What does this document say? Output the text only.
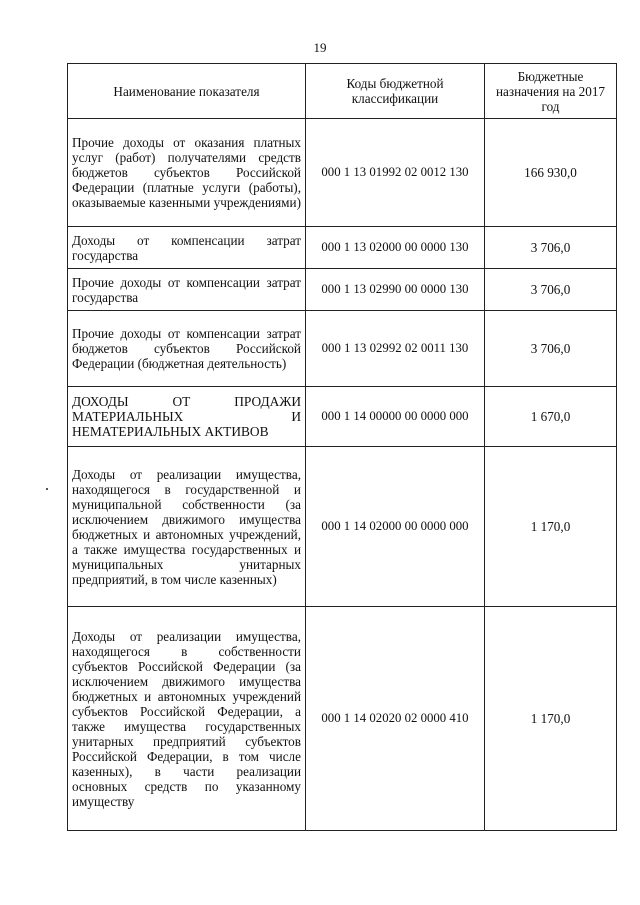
19
Наименование показателя	Коды бюджетной классификации	Бюджетные назначения на 2017 год
Прочие доходы от оказания платных услуг (работ) получателями средств бюджетов субъектов Российской Федерации (платные услуги (работы), оказываемые казенными учреждениями)	000 1 13 01992 02 0012 130	166 930,0
Доходы от компенсации затрат государства	000 1 13 02000 00 0000 130	3 706,0
Прочие доходы от компенсации затрат государства	000 1 13 02990 00 0000 130	3 706,0
Прочие доходы от компенсации затрат бюджетов субъектов Российской Федерации (бюджетная деятельность)	000 1 13 02992 02 0011 130	3 706,0
ДОХОДЫ ОТ ПРОДАЖИ МАТЕРИАЛЬНЫХ И НЕМАТЕРИАЛЬНЫХ АКТИВОВ	000 1 14 00000 00 0000 000	1 670,0
Доходы от реализации имущества, находящегося в государственной и муниципальной собственности (за исключением движимого имущества бюджетных и автономных учреждений, а также имущества государственных и муниципальных унитарных предприятий, в том числе казенных)	000 1 14 02000 00 0000 000	1 170,0
Доходы от реализации имущества, находящегося в собственности субъектов Российской Федерации (за исключением движимого имущества бюджетных и автономных учреждений субъектов Российской Федерации, а также имущества государственных унитарных предприятий субъектов Российской Федерации, в том числе казенных), в части реализации основных средств по указанному имуществу	000 1 14 02020 02 0000 410	1 170,0
